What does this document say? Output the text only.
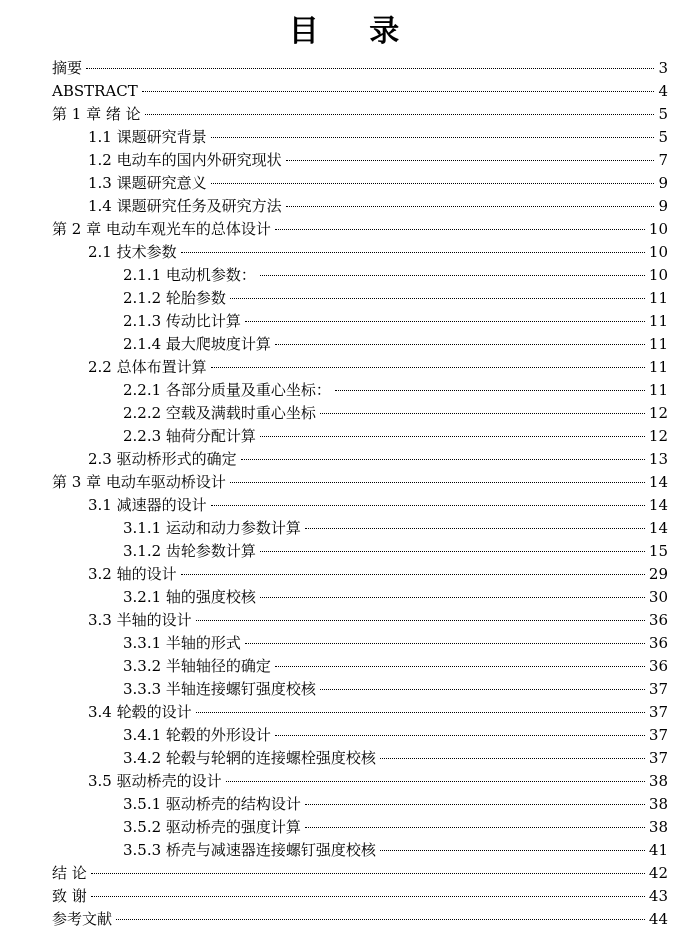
目 录
摘要	3
ABSTRACT	4
第 1 章 绪 论	5
1.1 课题研究背景	5
1.2 电动车的国内外研究现状	7
1.3 课题研究意义	9
1.4 课题研究任务及研究方法	9
第 2 章 电动车观光车的总体设计	10
2.1 技术参数	10
2.1.1 电动机参数：	10
2.1.2 轮胎参数	11
2.1.3 传动比计算	11
2.1.4 最大爬坡度计算	11
2.2 总体布置计算	11
2.2.1 各部分质量及重心坐标：	11
2.2.2 空载及满载时重心坐标	12
2.2.3 轴荷分配计算	12
2.3 驱动桥形式的确定	13
第 3 章 电动车驱动桥设计	14
3.1 减速器的设计	14
3.1.1 运动和动力参数计算	14
3.1.2 齿轮参数计算	15
3.2 轴的设计	29
3.2.1 轴的强度校核	30
3.3 半轴的设计	36
3.3.1 半轴的形式	36
3.3.2 半轴轴径的确定	36
3.3.3 半轴连接螺钉强度校核	37
3.4 轮毂的设计	37
3.4.1 轮毂的外形设计	37
3.4.2 轮毂与轮辋的连接螺栓强度校核	37
3.5 驱动桥壳的设计	38
3.5.1 驱动桥壳的结构设计	38
3.5.2 驱动桥壳的强度计算	38
3.5.3 桥壳与减速器连接螺钉强度校核	41
结 论	42
致 谢	43
参考文献	44
